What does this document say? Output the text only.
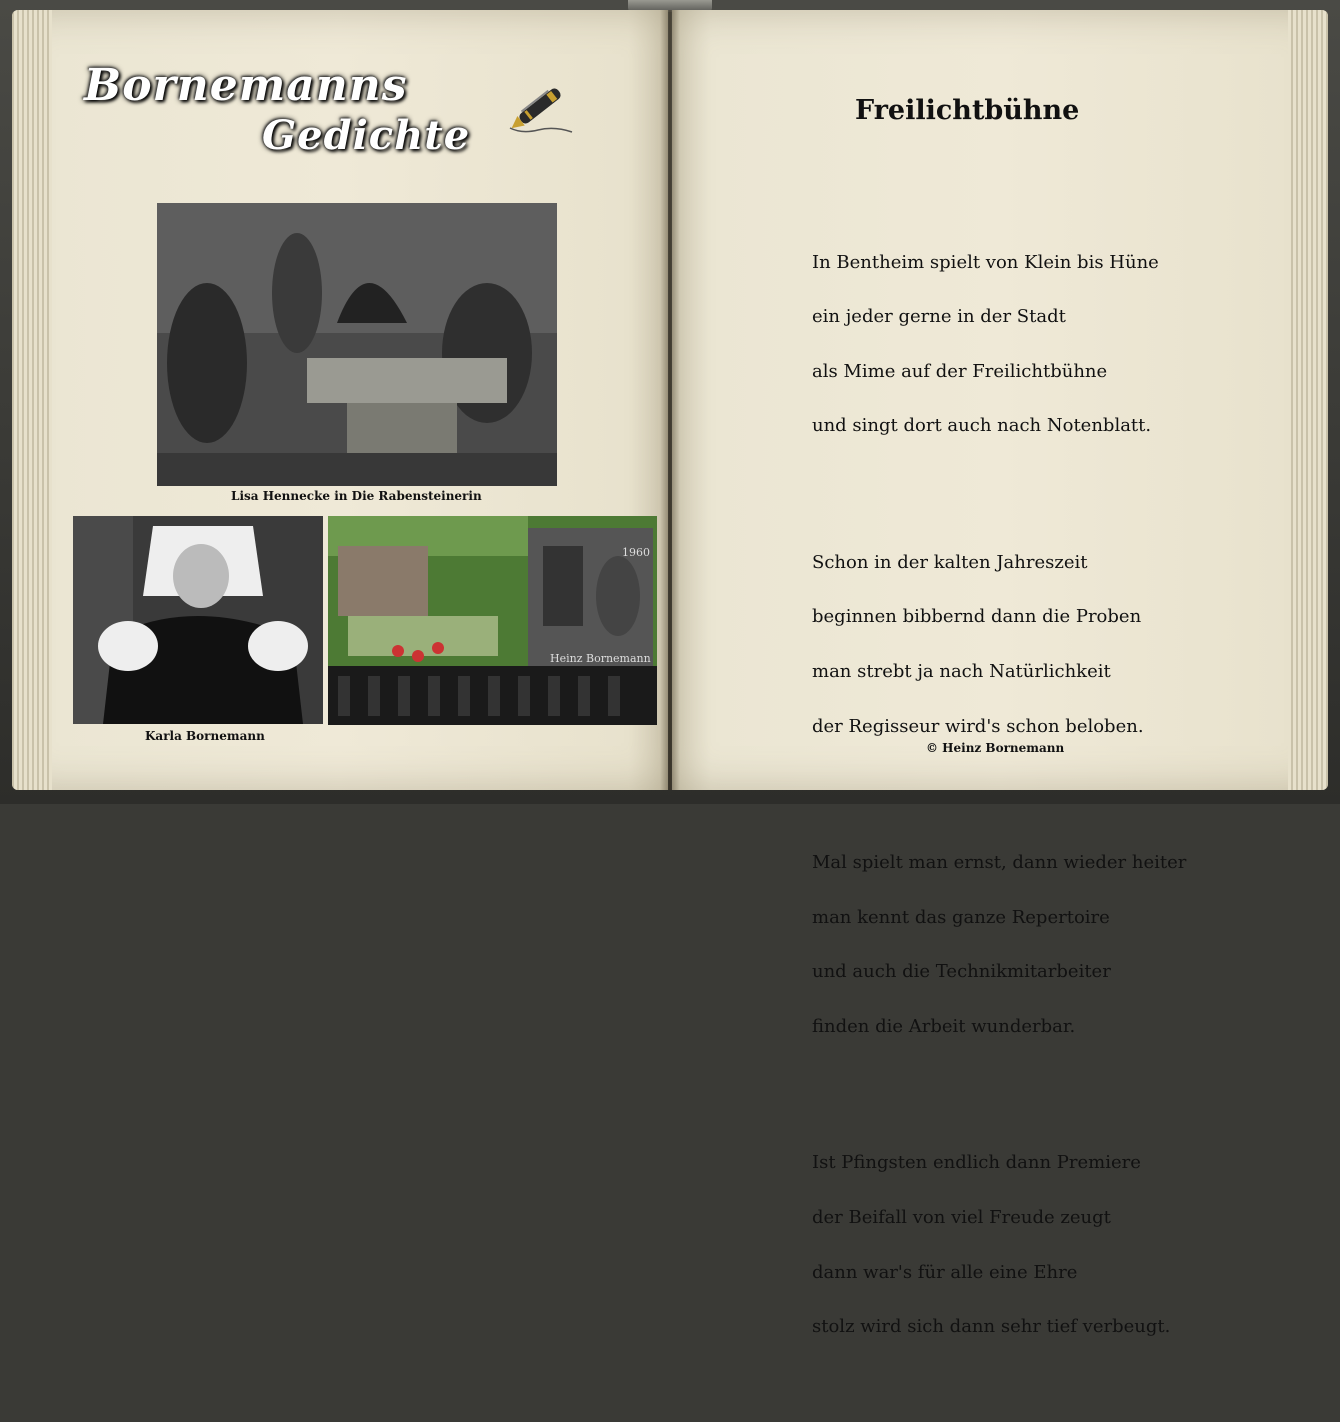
Bornemanns
Gedichte
Lisa Hennecke in Die Rabensteinerin
Karla Bornemann
1960
Heinz Bornemann
Freilichtbühne

In Bentheim spielt von Klein bis Hüne

ein jeder gerne in der Stadt

als Mime auf der Freilichtbühne

und singt dort auch nach Notenblatt.

Schon in der kalten Jahreszeit

beginnen bibbernd dann die Proben

man strebt ja nach Natürlichkeit

der Regisseur wird's schon beloben.

Mal spielt man ernst, dann wieder heiter

man kennt das ganze Repertoire

und auch die Technikmitarbeiter

finden die Arbeit wunderbar.

Ist Pfingsten endlich dann Premiere

der Beifall von viel Freude zeugt

dann war's für alle eine Ehre

stolz wird sich dann sehr tief verbeugt.

© Heinz Bornemann
